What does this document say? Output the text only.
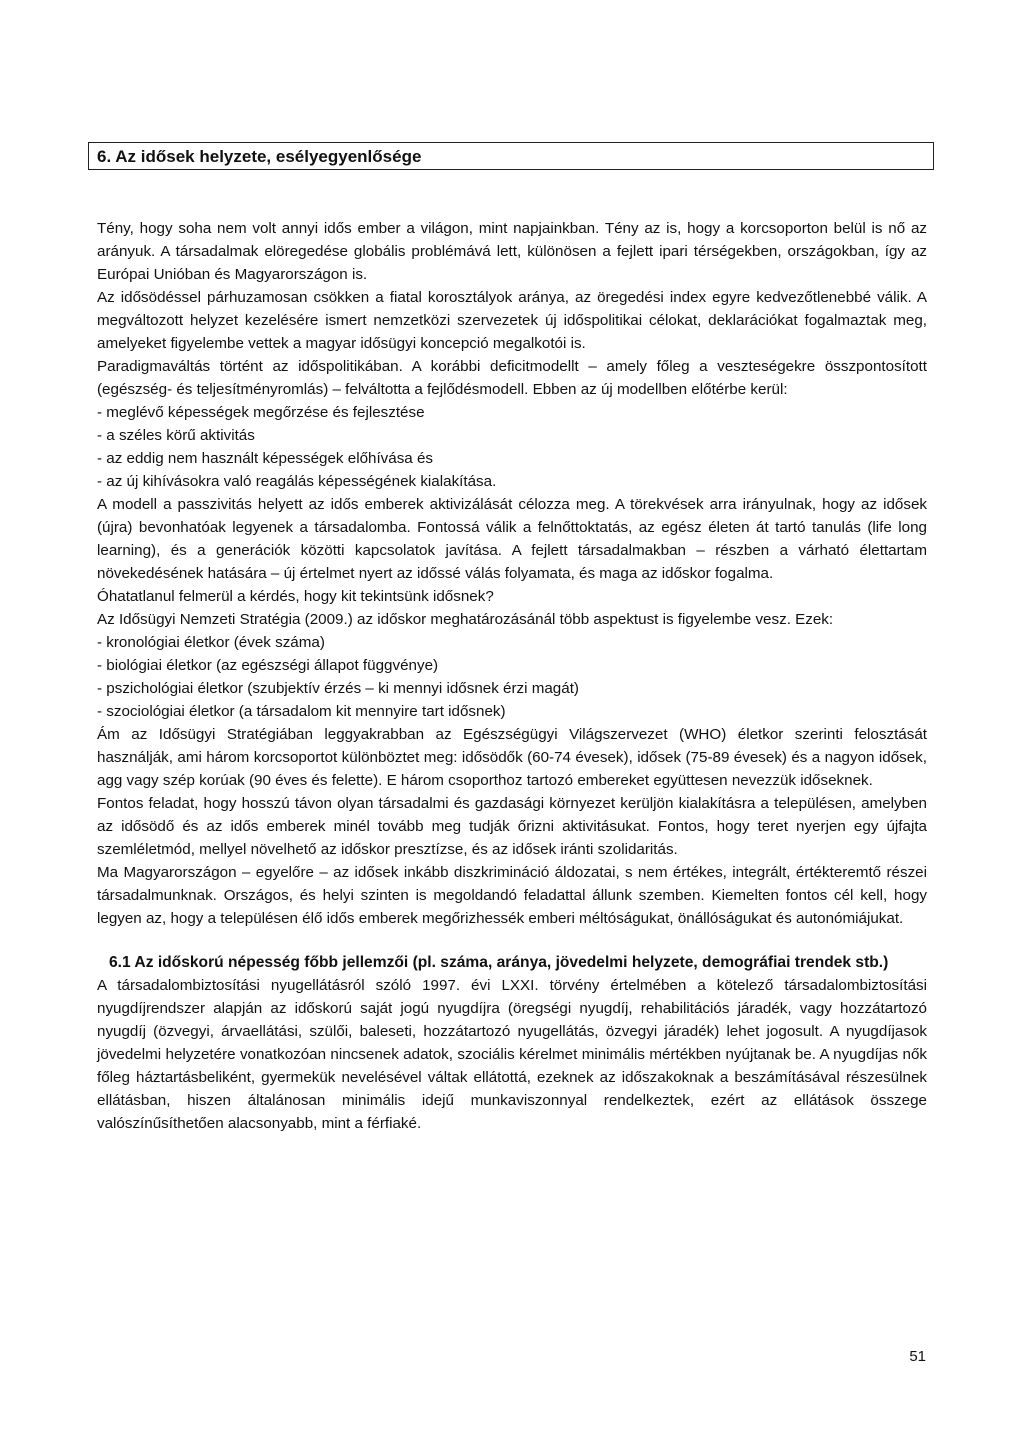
6. Az idősek helyzete, esélyegyenlősége

Tény, hogy soha nem volt annyi idős ember a világon, mint napjainkban. Tény az is, hogy a korcsoporton belül is nő az arányuk. A társadalmak elöregedése globális problémává lett, különösen a fejlett ipari térségekben, országokban, így az Európai Unióban és Magyarországon is.

Az idősödéssel párhuzamosan csökken a fiatal korosztályok aránya, az öregedési index egyre kedvezőtlenebbé válik. A megváltozott helyzet kezelésére ismert nemzetközi szervezetek új időspolitikai célokat, deklarációkat fogalmaztak meg, amelyeket figyelembe vettek a magyar idősügyi koncepció megalkotói is.

Paradigmaváltás történt az időspolitikában. A korábbi deficitmodellt – amely főleg a veszteségekre összpontosított (egészség- és teljesítményromlás) – felváltotta a fejlődésmodell. Ebben az új modellben előtérbe kerül:

- meglévő képességek megőrzése és fejlesztése

- a széles körű aktivitás

- az eddig nem használt képességek előhívása és

- az új kihívásokra való reagálás képességének kialakítása.

A modell a passzivitás helyett az idős emberek aktivizálását célozza meg. A törekvések arra irányulnak, hogy az idősek (újra) bevonhatóak legyenek a társadalomba. Fontossá válik a felnőttoktatás, az egész életen át tartó tanulás (life long learning), és a generációk közötti kapcsolatok javítása. A fejlett társadalmakban – részben a várható élettartam növekedésének hatására – új értelmet nyert az időssé válás folyamata, és maga az időskor fogalma.

Óhatatlanul felmerül a kérdés, hogy kit tekintsünk idősnek?

Az Idősügyi Nemzeti Stratégia (2009.) az időskor meghatározásánál több aspektust is figyelembe vesz. Ezek:

- kronológiai életkor (évek száma)

- biológiai életkor (az egészségi állapot függvénye)

- pszichológiai életkor (szubjektív érzés – ki mennyi idősnek érzi magát)

- szociológiai életkor (a társadalom kit mennyire tart idősnek)

Ám az Idősügyi Stratégiában leggyakrabban az Egészségügyi Világszervezet (WHO) életkor szerinti felosztását használják, ami három korcsoportot különböztet meg: idősödők (60-74 évesek), idősek (75-89 évesek) és a nagyon idősek, agg vagy szép korúak (90 éves és felette). E három csoporthoz tartozó embereket együttesen nevezzük időseknek.

Fontos feladat, hogy hosszú távon olyan társadalmi és gazdasági környezet kerüljön kialakításra a településen, amelyben az idősödő és az idős emberek minél tovább meg tudják őrizni aktivitásukat. Fontos, hogy teret nyerjen egy újfajta szemléletmód, mellyel növelhető az időskor presztízse, és az idősek iránti szolidaritás.

Ma Magyarországon – egyelőre – az idősek inkább diszkrimináció áldozatai, s nem értékes, integrált, értékteremtő részei társadalmunknak. Országos, és helyi szinten is megoldandó feladattal állunk szemben. Kiemelten fontos cél kell, hogy legyen az, hogy a településen élő idős emberek megőrizhessék emberi méltóságukat, önállóságukat és autonómiájukat.

6.1 Az időskorú népesség főbb jellemzői (pl. száma, aránya, jövedelmi helyzete, demográfiai trendek stb.)

A társadalombiztosítási nyugellátásról szóló 1997. évi LXXI. törvény értelmében a kötelező társadalombiztosítási nyugdíjrendszer alapján az időskorú saját jogú nyugdíjra (öregségi nyugdíj, rehabilitációs járadék, vagy hozzátartozó nyugdíj (özvegyi, árvaellátási, szülői, baleseti, hozzátartozó nyugellátás, özvegyi járadék) lehet jogosult. A nyugdíjasok jövedelmi helyzetére vonatkozóan nincsenek adatok, szociális kérelmet minimális mértékben nyújtanak be. A nyugdíjas nők főleg háztartásbeliként, gyermekük nevelésével váltak ellátottá, ezeknek az időszakoknak a beszámításával részesülnek ellátásban, hiszen általánosan minimális idejű munkaviszonnyal rendelkeztek, ezért az ellátások összege valószínűsíthetően alacsonyabb, mint a férfiaké.

51
